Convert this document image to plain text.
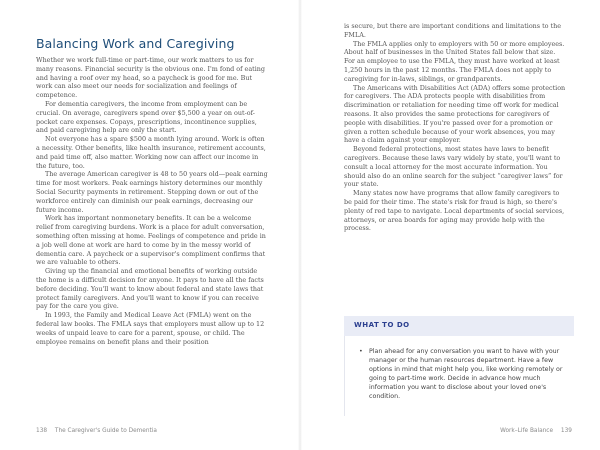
Balancing Work and Caregiving

Whether we work full-time or part-time, our work matters to us for many reasons. Financial security is the obvious one. I'm fond of eating and having a roof over my head, so a paycheck is good for me. But work can also meet our needs for socialization and feelings of competence.

For dementia caregivers, the income from employment can be crucial. On average, caregivers spend over $5,500 a year on out-of-pocket care expenses. Copays, prescriptions, incontinence supplies, and paid caregiving help are only the start.

Not everyone has a spare $500 a month lying around. Work is often a necessity. Other benefits, like health insurance, retirement accounts, and paid time off, also matter. Working now can affect our income in the future, too.

The average American caregiver is 48 to 50 years old—peak earning time for most workers. Peak earnings history determines our monthly Social Security payments in retirement. Stepping down or out of the workforce entirely can diminish our peak earnings, decreasing our future income.

Work has important nonmonetary benefits. It can be a welcome relief from caregiving burdens. Work is a place for adult conversation, something often missing at home. Feelings of competence and pride in a job well done at work are hard to come by in the messy world of dementia care. A paycheck or a supervisor's compliment confirms that we are valuable to others.

Giving up the financial and emotional benefits of working outside the home is a difficult decision for anyone. It pays to have all the facts before deciding. You'll want to know about federal and state laws that protect family caregivers. And you'll want to know if you can receive pay for the care you give.

In 1993, the Family and Medical Leave Act (FMLA) went on the federal law books. The FMLA says that employers must allow up to 12 weeks of unpaid leave to care for a parent, spouse, or child. The employee remains on benefit plans and their position

is secure, but there are important conditions and limitations to the FMLA.

The FMLA applies only to employers with 50 or more employees. About half of businesses in the United States fall below that size. For an employee to use the FMLA, they must have worked at least 1,250 hours in the past 12 months. The FMLA does not apply to caregiving for in-laws, siblings, or grandparents.

The Americans with Disabilities Act (ADA) offers some protection for caregivers. The ADA protects people with disabilities from discrimination or retaliation for needing time off work for medical reasons. It also provides the same protections for caregivers of people with disabilities. If you're passed over for a promotion or given a rotten schedule because of your work absences, you may have a claim against your employer.

Beyond federal protections, most states have laws to benefit caregivers. Because these laws vary widely by state, you'll want to consult a local attorney for the most accurate information. You should also do an online search for the subject “caregiver laws” for your state.

Many states now have programs that allow family caregivers to be paid for their time. The state's risk for fraud is high, so there's plenty of red tape to navigate. Local departments of social services, attorneys, or area boards for aging may provide help with the process.

WHAT TO DO
• Plan ahead for any conversation you want to have with your manager or the human resources department. Have a few options in mind that might help you, like working remotely or going to part-time work. Decide in advance how much information you want to disclose about your loved one's condition.
138 The Caregiver's Guide to Dementia	Work–Life Balance 139
